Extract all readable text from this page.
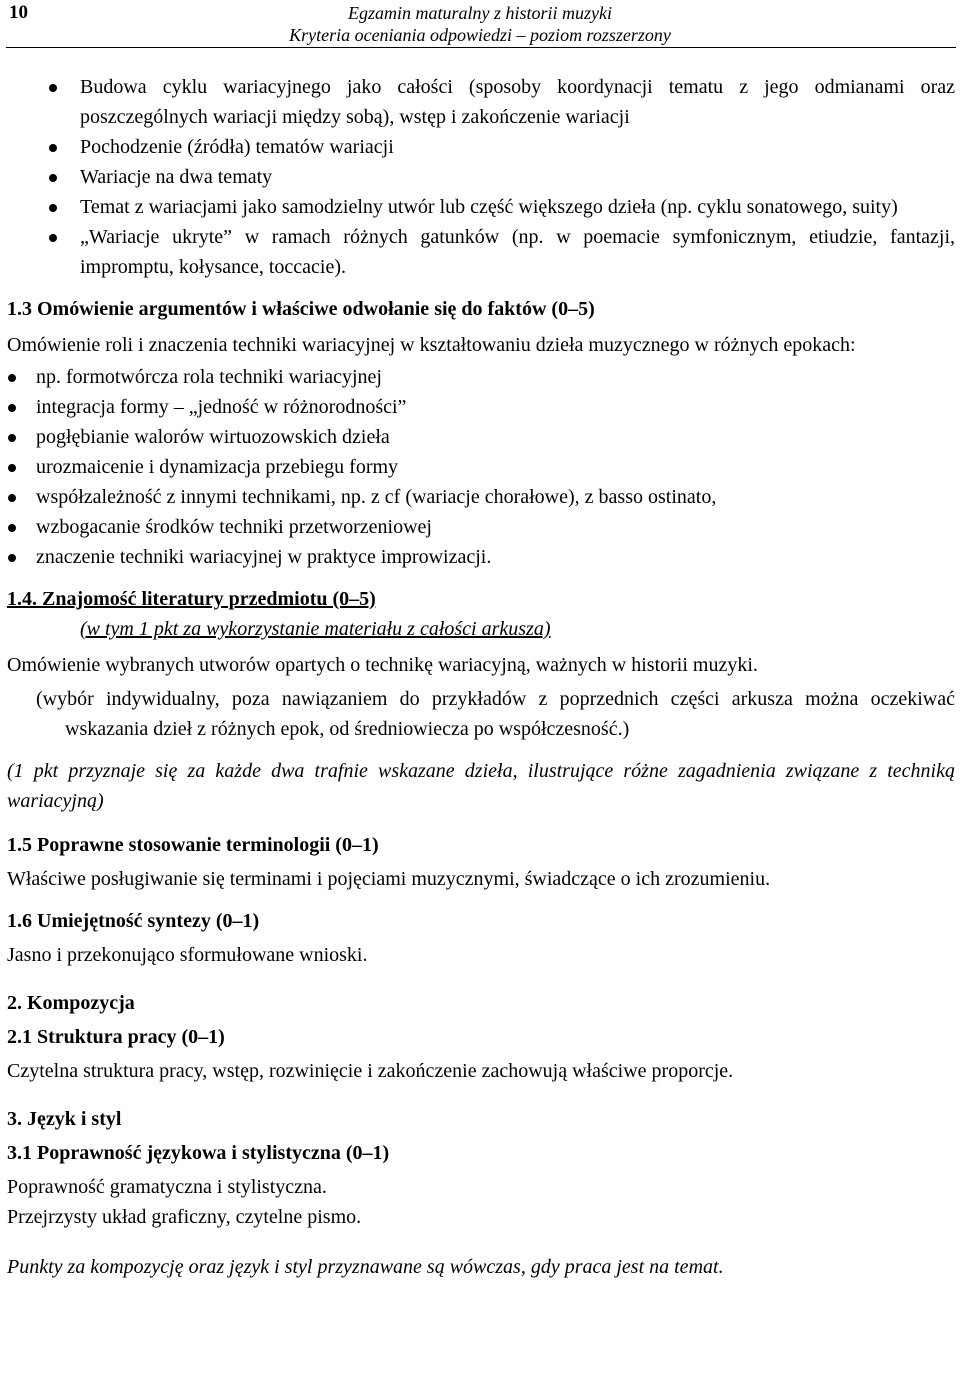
10	Egzamin maturalny z historii muzyki
Kryteria oceniania odpowiedzi – poziom rozszerzony
Budowa cyklu wariacyjnego jako całości (sposoby koordynacji tematu z jego odmianami oraz poszczególnych wariacji między sobą), wstęp i zakończenie wariacji
Pochodzenie (źródła) tematów wariacji
Wariacje na dwa tematy
Temat z wariacjami jako samodzielny utwór lub część większego dzieła (np. cyklu sonatowego, suity)
„Wariacje ukryte” w ramach różnych gatunków (np. w poemacie symfonicznym, etiudzie, fantazji, impromptu, kołysance, toccacie).

1.3 Omówienie argumentów i właściwe odwołanie się do faktów (0–5)

Omówienie roli i znaczenia techniki wariacyjnej w kształtowaniu dzieła muzycznego w różnych epokach:

np. formotwórcza rola techniki wariacyjnej
integracja formy – „jedność w różnorodności”
pogłębianie walorów wirtuozowskich dzieła
urozmaicenie i dynamizacja przebiegu formy
współzależność z innymi technikami, np. z cf (wariacje chorałowe), z basso ostinato,
wzbogacanie środków techniki przetworzeniowej
znaczenie techniki wariacyjnej w praktyce improwizacji.

1.4. Znajomość literatury przedmiotu (0–5)

(w tym 1 pkt za wykorzystanie materiału z całości arkusza)

Omówienie wybranych utworów opartych o technikę wariacyjną, ważnych w historii muzyki.

(wybór indywidualny, poza nawiązaniem do przykładów z poprzednich części arkusza można oczekiwać wskazania dzieł z różnych epok, od średniowiecza po współczesność.)

(1 pkt przyznaje się za każde dwa trafnie wskazane dzieła, ilustrujące różne zagadnienia związane z techniką wariacyjną)

1.5 Poprawne stosowanie terminologii (0–1)

Właściwe posługiwanie się terminami i pojęciami muzycznymi, świadczące o ich zrozumieniu.

1.6 Umiejętność syntezy (0–1)

Jasno i przekonująco sformułowane wnioski.

2. Kompozycja

2.1 Struktura pracy (0–1)

Czytelna struktura pracy, wstęp, rozwinięcie i zakończenie zachowują właściwe proporcje.

3. Język i styl

3.1 Poprawność językowa i stylistyczna (0–1)

Poprawność gramatyczna i stylistyczna.

Przejrzysty układ graficzny, czytelne pismo.

Punkty za kompozycję oraz język i styl przyznawane są wówczas, gdy praca jest na temat.
